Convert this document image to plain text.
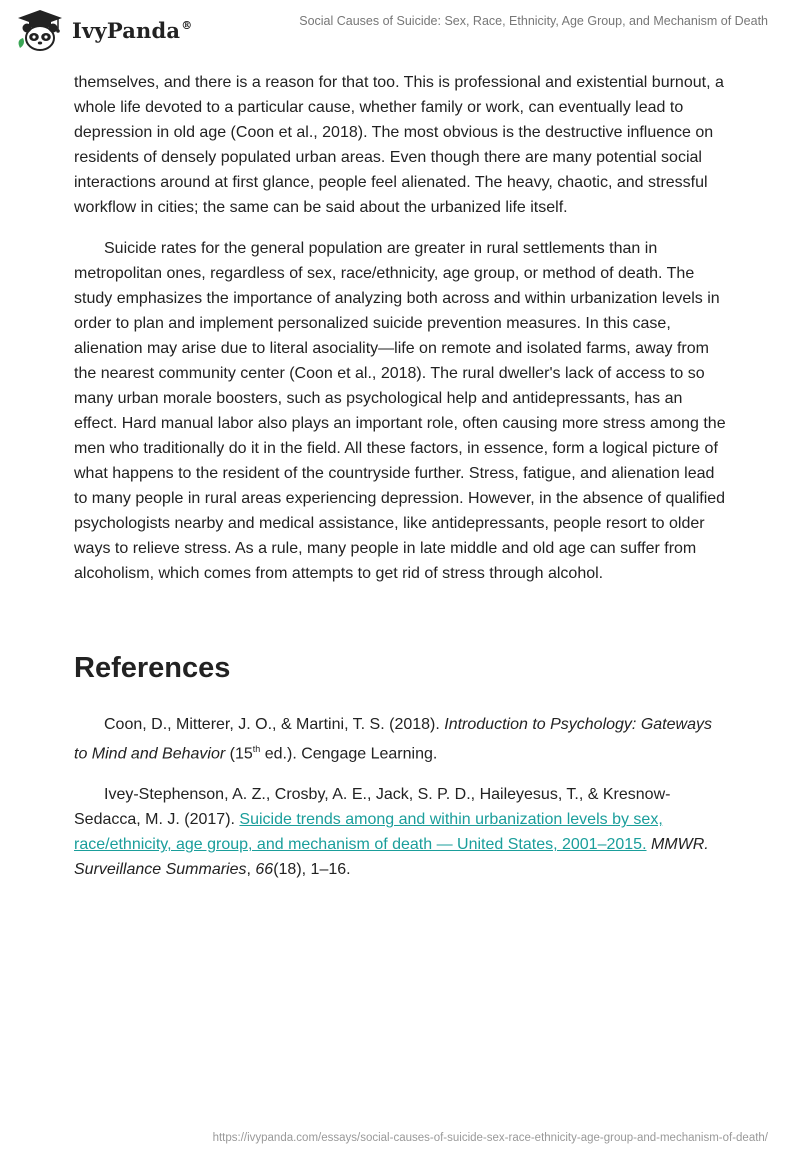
IvyPanda®	Social Causes of Suicide: Sex, Race, Ethnicity, Age Group, and Mechanism of Death

themselves, and there is a reason for that too. This is professional and existential burnout, a whole life devoted to a particular cause, whether family or work, can eventually lead to depression in old age (Coon et al., 2018). The most obvious is the destructive influence on residents of densely populated urban areas. Even though there are many potential social interactions around at first glance, people feel alienated. The heavy, chaotic, and stressful workflow in cities; the same can be said about the urbanized life itself.

Suicide rates for the general population are greater in rural settlements than in metropolitan ones, regardless of sex, race/ethnicity, age group, or method of death. The study emphasizes the importance of analyzing both across and within urbanization levels in order to plan and implement personalized suicide prevention measures. In this case, alienation may arise due to literal asociality—life on remote and isolated farms, away from the nearest community center (Coon et al., 2018). The rural dweller's lack of access to so many urban morale boosters, such as psychological help and antidepressants, has an effect. Hard manual labor also plays an important role, often causing more stress among the men who traditionally do it in the field. All these factors, in essence, form a logical picture of what happens to the resident of the countryside further. Stress, fatigue, and alienation lead to many people in rural areas experiencing depression. However, in the absence of qualified psychologists nearby and medical assistance, like antidepressants, people resort to older ways to relieve stress. As a rule, many people in late middle and old age can suffer from alcoholism, which comes from attempts to get rid of stress through alcohol.

References

Coon, D., Mitterer, J. O., & Martini, T. S. (2018). Introduction to Psychology: Gateways to Mind and Behavior (15th ed.). Cengage Learning.

Ivey-Stephenson, A. Z., Crosby, A. E., Jack, S. P. D., Haileyesus, T., & Kresnow-Sedacca, M. J. (2017). Suicide trends among and within urbanization levels by sex, race/ethnicity, age group, and mechanism of death — United States, 2001–2015. MMWR. Surveillance Summaries, 66(18), 1–16.

https://ivypanda.com/essays/social-causes-of-suicide-sex-race-ethnicity-age-group-and-mechanism-of-death/
